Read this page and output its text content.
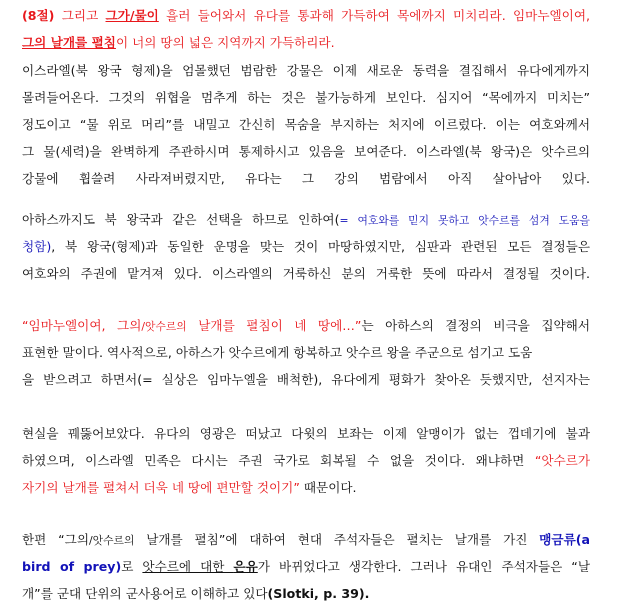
(8절) 그리고 그가/물이 흘러 들어와서 유다를 통과해 가득하여 목에까지 미치리라. 임마누엘이여,
그의 날개를 펼침이 너의 땅의 넓은 지역까지 가득하리라.
이스라엘(북 왕국 형제)을 엄몰했던 범람한 강물은 이제 새로운 동력을 결집해서 유다에게까지
몰려들어온다. 그것의 위협을 멈추게 하는 것은 불가능하게 보인다. 심지어 “목에까지 미치는”
정도이고 “물 위로 머리”를 내밀고 간신히 목숨을 부지하는 처지에 이르렀다. 이는 여호와께서
그 물(세력)을 완벽하게 주관하시며 통제하시고 있음을 보여준다. 이스라엘(북 왕국)은 앗수르의
강물에 휩쓸려 사라져버렸지만, 유다는 그 강의 범람에서 아직 살아남아 있다.
아하스까지도 북 왕국과 같은 선택을 하므로 인하여(= 여호와를 믿지 못하고 앗수르를 섬겨 도움을
청함), 북 왕국(형제)과 동일한 운명을 맞는 것이 마땅하였지만, 심판과 관련된 모든 결정들은
여호와의 주권에 맡겨져 있다. 이스라엘의 거룩하신 분의 거룩한 뜻에 따라서 결정될 것이다.
“임마누엘이여, 그의/앗수르의 날개를 펼침이 네 땅에…”는 아하스의 결정의 비극을 집약해서
표현한 말이다. 역사적으로, 아하스가 앗수르에게 항복하고 앗수르 왕을 주군으로 섬기고 도움
을 받으려고 하면서(= 실상은 임마누엘을 배척한), 유다에게 평화가 찾아온 듯했지만, 선지자는
현실을 꿰뚫어보았다. 유다의 영광은 떠났고 다윗의 보좌는 이제 알맹이가 없는 껍데기에 불과
하였으며, 이스라엘 민족은 다시는 주권 국가로 회복될 수 없을 것이다. 왜냐하면 “앗수르가
자기의 날개를 펼쳐서 더욱 네 땅에 편만할 것이기” 때문이다.
한편 “그의/앗수르의 날개를 펼침”에 대하여 현대 주석자들은 펼치는 날개를 가진 맹금류(a
bird of prey)로 앗수르에 대한 은유가 바뀌었다고 생각한다. 그러나 유대인 주석자들은 “날
개”를 군대 단위의 군사용어로 이해하고 있다(Slotki, p. 39).
